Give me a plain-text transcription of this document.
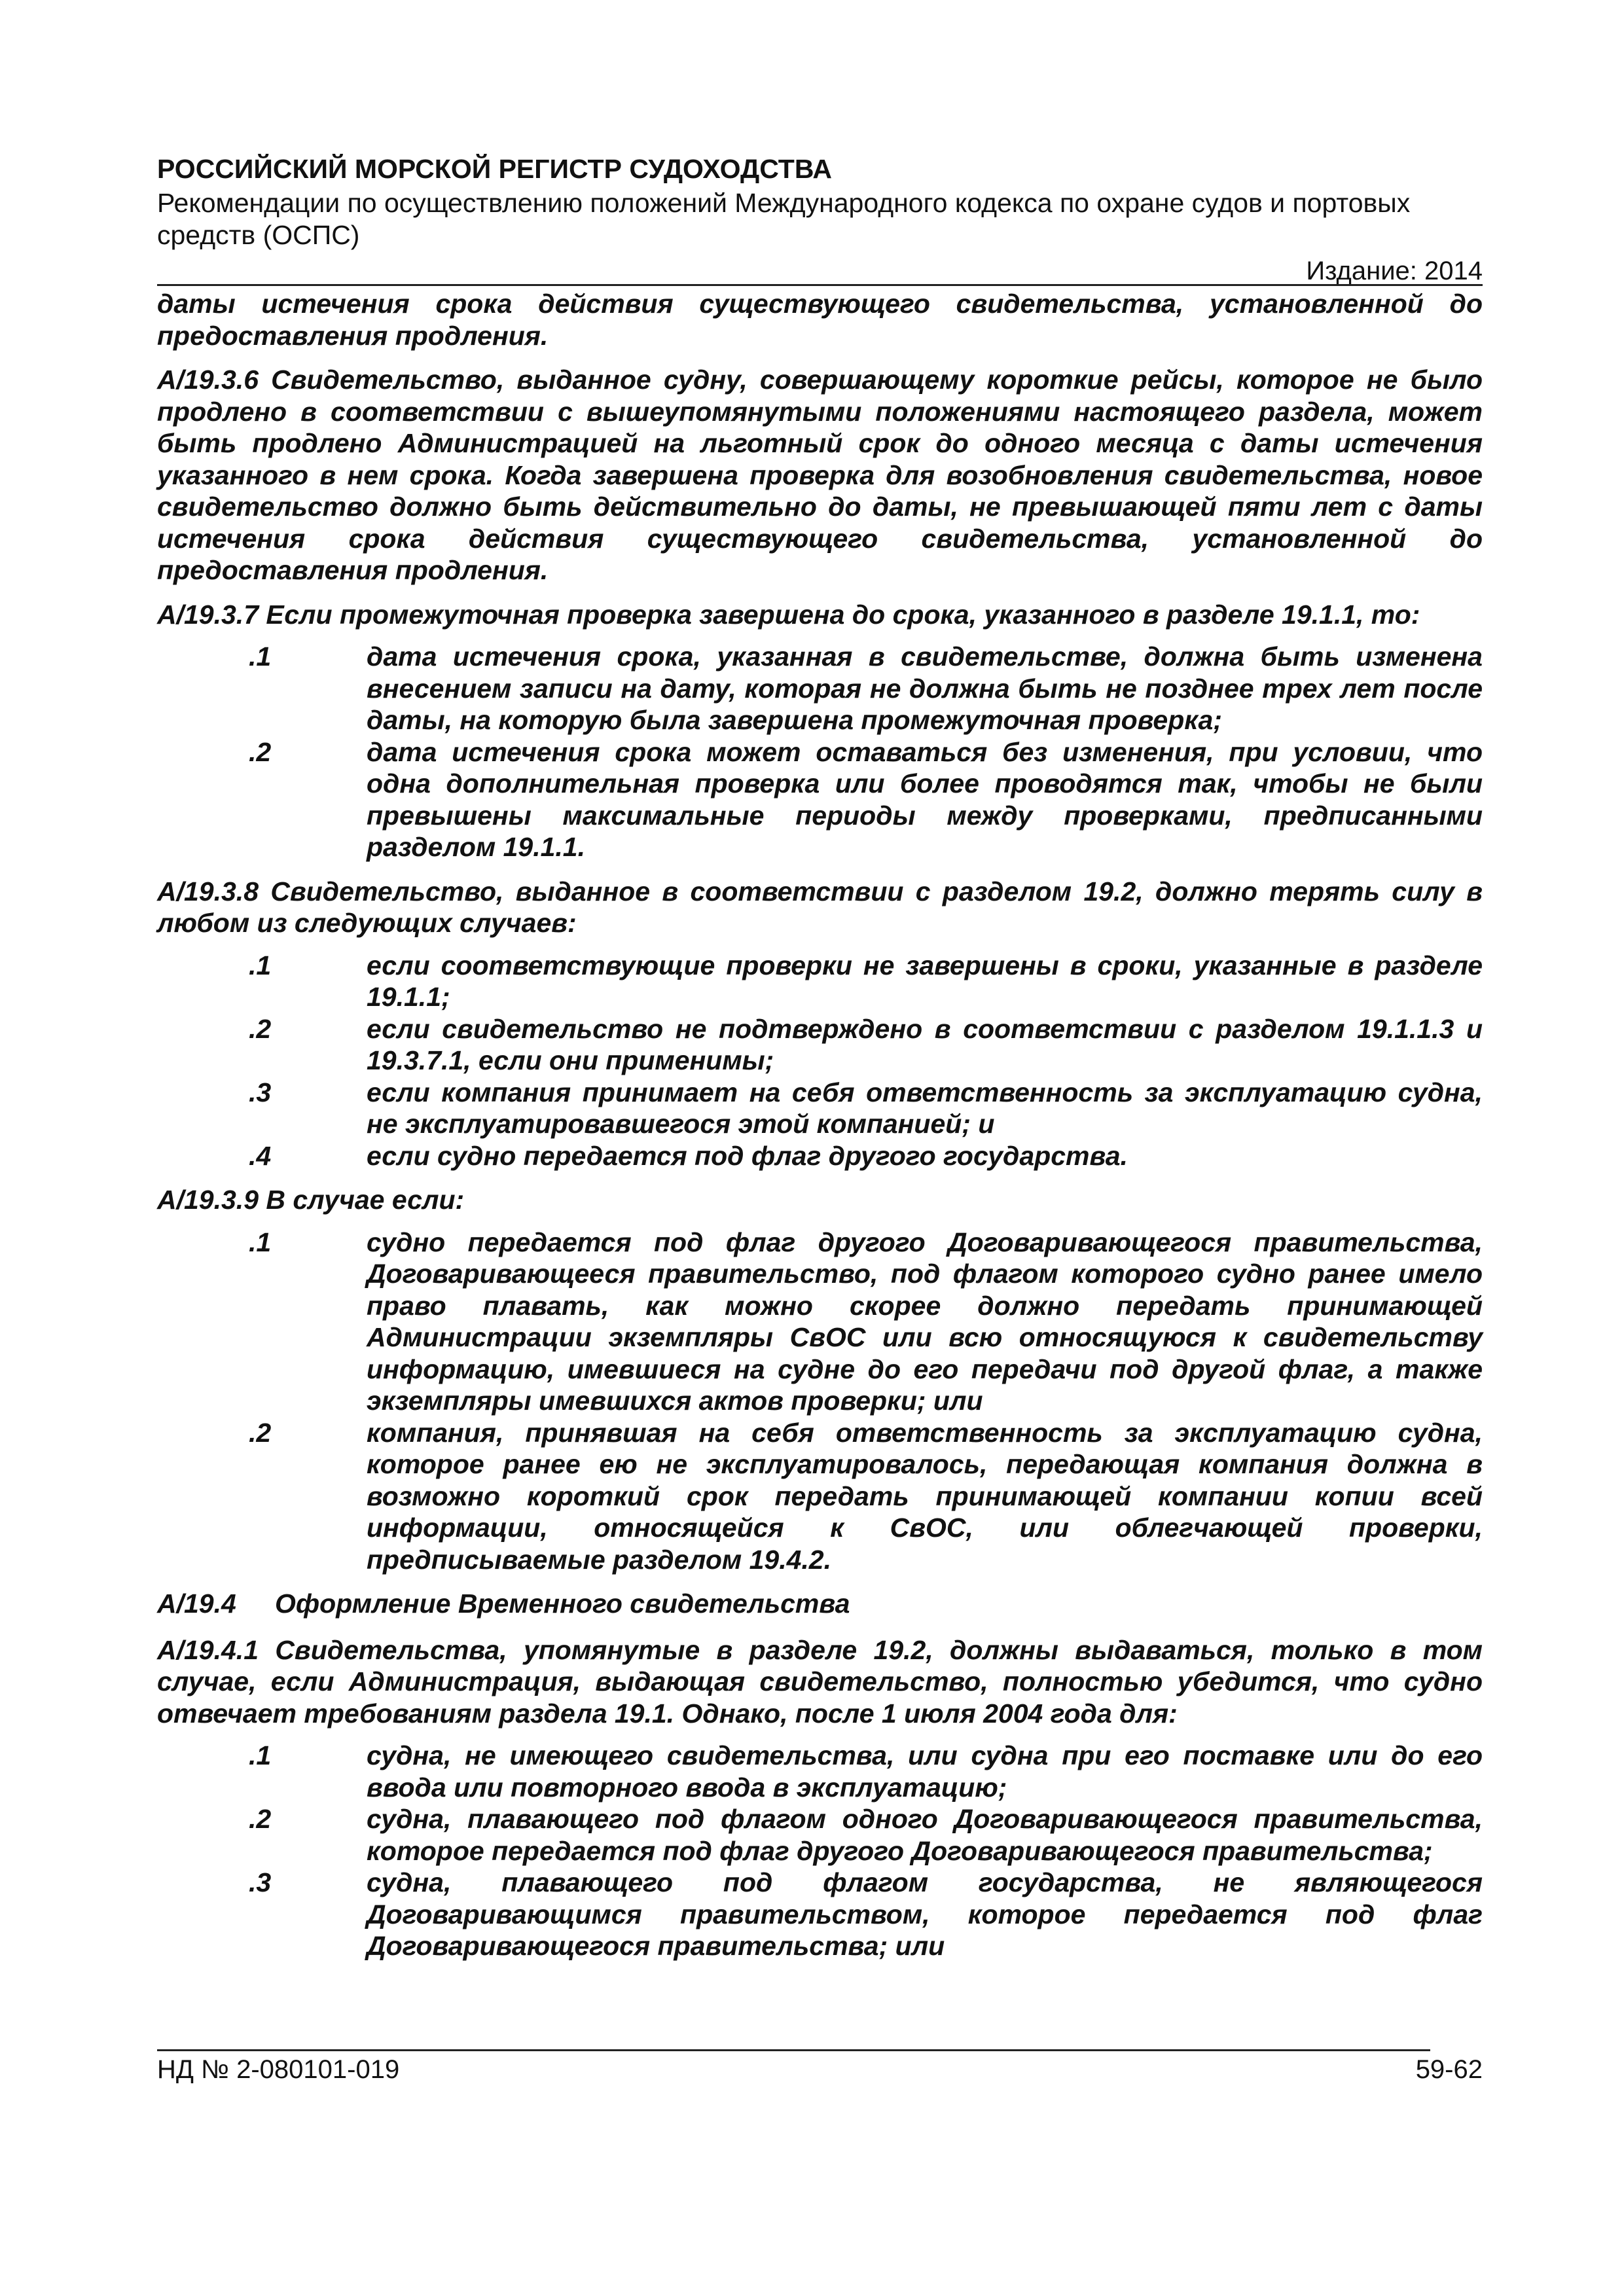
РОССИЙСКИЙ МОРСКОЙ РЕГИСТР СУДОХОДСТВА
Рекомендации по осуществлению положений Международного кодекса по охране судов и портовых средств (ОСПС)
Издание: 2014

даты истечения срока действия существующего свидетельства, установленной до предоставления продления.

A/19.3.6 Свидетельство, выданное судну, совершающему короткие рейсы, которое не было продлено в соответствии с вышеупомянутыми положениями настоящего раздела, может быть продлено Администрацией на льготный срок до одного месяца с даты истечения указанного в нем срока. Когда завершена проверка для возобновления свидетельства, новое свидетельство должно быть действительно до даты, не превышающей пяти лет с даты истечения срока действия существующего свидетельства, установленной до предоставления продления.

A/19.3.7 Если промежуточная проверка завершена до срока, указанного в разделе 19.1.1, то:

.1	дата истечения срока, указанная в свидетельстве, должна быть изменена внесением записи на дату, которая не должна быть не позднее трех лет после даты, на которую была завершена промежуточная проверка;
.2	дата истечения срока может оставаться без изменения, при условии, что одна дополнительная проверка или более проводятся так, чтобы не были превышены максимальные периоды между проверками, предписанными разделом 19.1.1.

A/19.3.8 Свидетельство, выданное в соответствии с разделом 19.2, должно терять силу в любом из следующих случаев:

.1	если соответствующие проверки не завершены в сроки, указанные в разделе 19.1.1;
.2	если свидетельство не подтверждено в соответствии с разделом 19.1.1.3 и 19.3.7.1, если они применимы;
.3	если компания принимает на себя ответственность за эксплуатацию судна, не эксплуатировавшегося этой компанией; и
.4	если судно передается под флаг другого государства.

A/19.3.9 В случае если:

.1	судно передается под флаг другого Договаривающегося правительства, Договаривающееся правительство, под флагом которого судно ранее имело право плавать, как можно скорее должно передать принимающей Администрации экземпляры СвОС или всю относящуюся к свидетельству информацию, имевшиеся на судне до его передачи под другой флаг, а также экземпляры имевшихся актов проверки; или
.2	компания, принявшая на себя ответственность за эксплуатацию судна, которое ранее ею не эксплуатировалось, передающая компания должна в возможно короткий срок передать принимающей компании копии всей информации, относящейся к СвОС, или облегчающей проверки, предписываемые разделом 19.4.2.
A/19.4	Оформление Временного свидетельства

A/19.4.1 Свидетельства, упомянутые в разделе 19.2, должны выдаваться, только в том случае, если Администрация, выдающая свидетельство, полностью убедится, что судно отвечает требованиям раздела 19.1. Однако, после 1 июля 2004 года для:

.1	судна, не имеющего свидетельства, или судна при его поставке или до его ввода или повторного ввода в эксплуатацию;
.2	судна, плавающего под флагом одного Договаривающегося правительства, которое передается под флаг другого Договаривающегося правительства;
.3	судна, плавающего под флагом государства, не являющегося Договаривающимся правительством, которое передается под флаг Договаривающегося правительства; или
НД № 2-080101-019	59-62
